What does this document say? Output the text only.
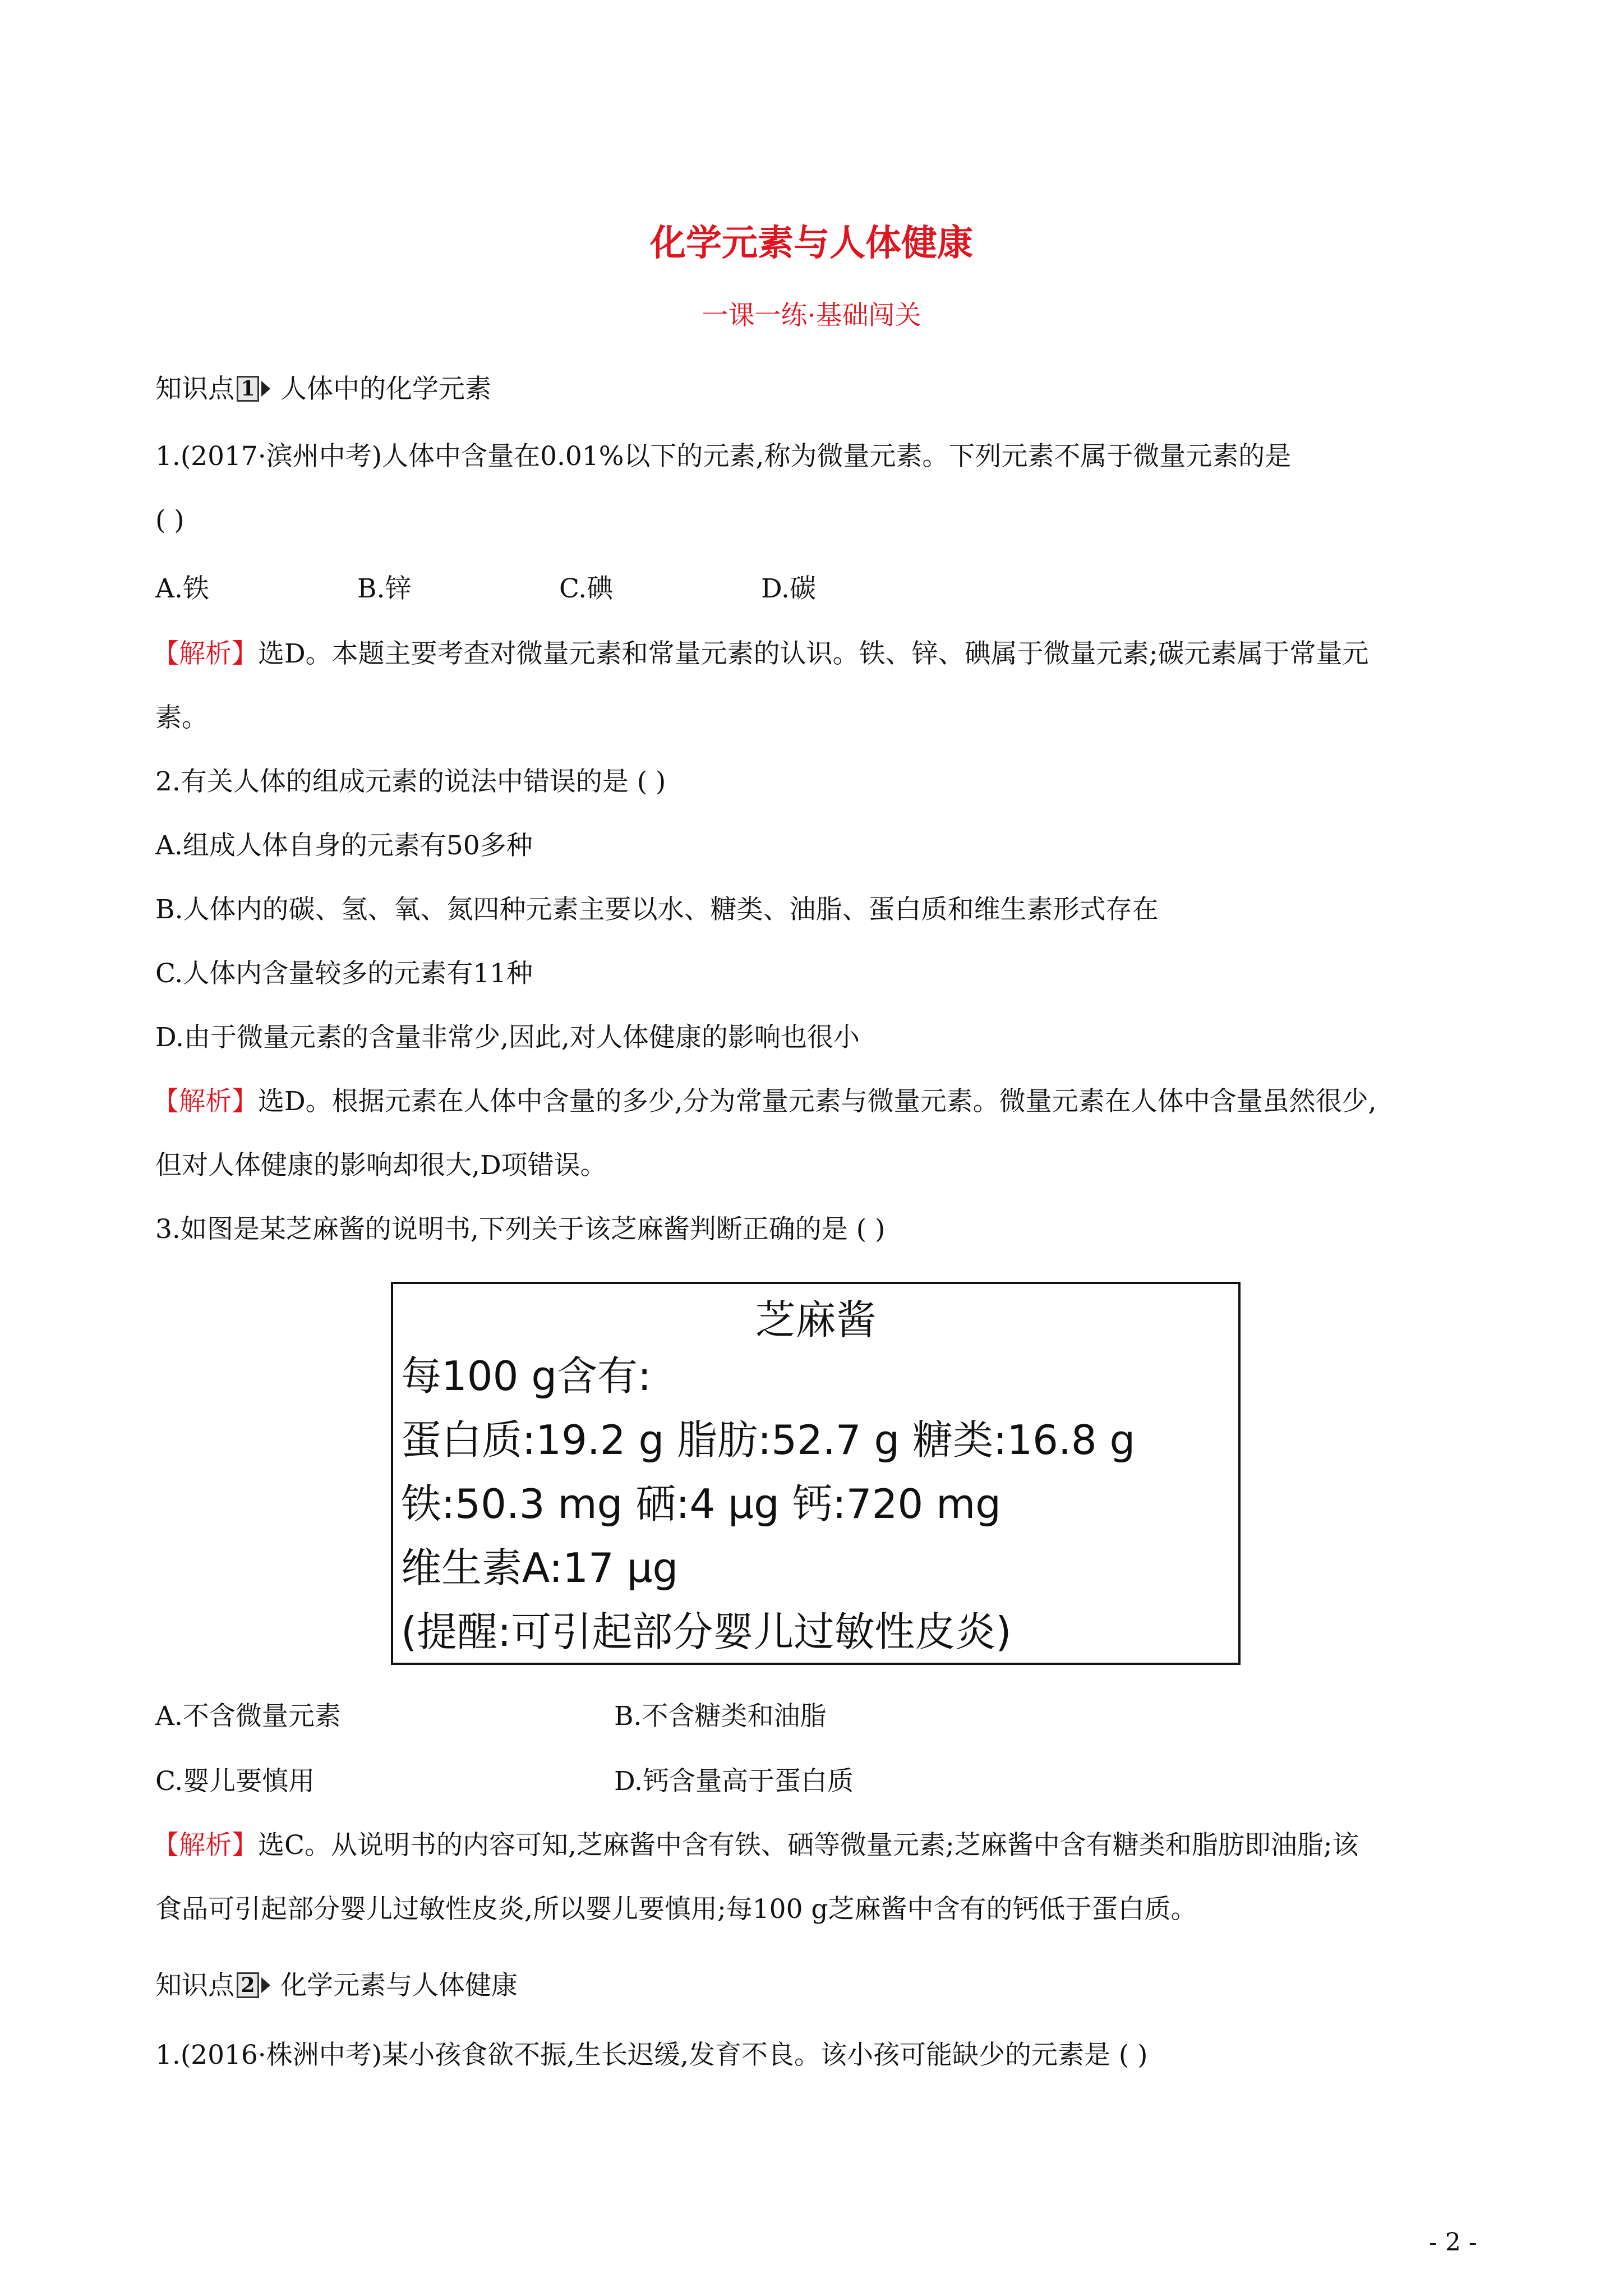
化学元素与人体健康
一课一练·基础闯关
知识点 1 人体中的化学元素
1.(2017·滨州中考)人体中含量在0.01%以下的元素,称为微量元素。下列元素不属于微量元素的是
( )
A.铁	B.锌	C.碘	D.碳
【解析】选D。本题主要考查对微量元素和常量元素的认识。铁、锌、碘属于微量元素;碳元素属于常量元
素。
2.有关人体的组成元素的说法中错误的是 ( )
A.组成人体自身的元素有50多种
B.人体内的碳、氢、氧、氮四种元素主要以水、糖类、油脂、蛋白质和维生素形式存在
C.人体内含量较多的元素有11种
D.由于微量元素的含量非常少,因此,对人体健康的影响也很小
【解析】选D。根据元素在人体中含量的多少,分为常量元素与微量元素。微量元素在人体中含量虽然很少,
但对人体健康的影响却很大,D项错误。
3.如图是某芝麻酱的说明书,下列关于该芝麻酱判断正确的是 ( )
芝麻酱
每100 g含有:
蛋白质:19.2 g 脂肪:52.7 g 糖类:16.8 g
铁:50.3 mg 硒:4 μg 钙:720 mg
维生素A:17 μg
(提醒:可引起部分婴儿过敏性皮炎)
A.不含微量元素	B.不含糖类和油脂
C.婴儿要慎用	D.钙含量高于蛋白质
【解析】选C。从说明书的内容可知,芝麻酱中含有铁、硒等微量元素;芝麻酱中含有糖类和脂肪即油脂;该
食品可引起部分婴儿过敏性皮炎,所以婴儿要慎用;每100 g芝麻酱中含有的钙低于蛋白质。
知识点 2 化学元素与人体健康
1.(2016·株洲中考)某小孩食欲不振,生长迟缓,发育不良。该小孩可能缺少的元素是 ( )
- 2 -
